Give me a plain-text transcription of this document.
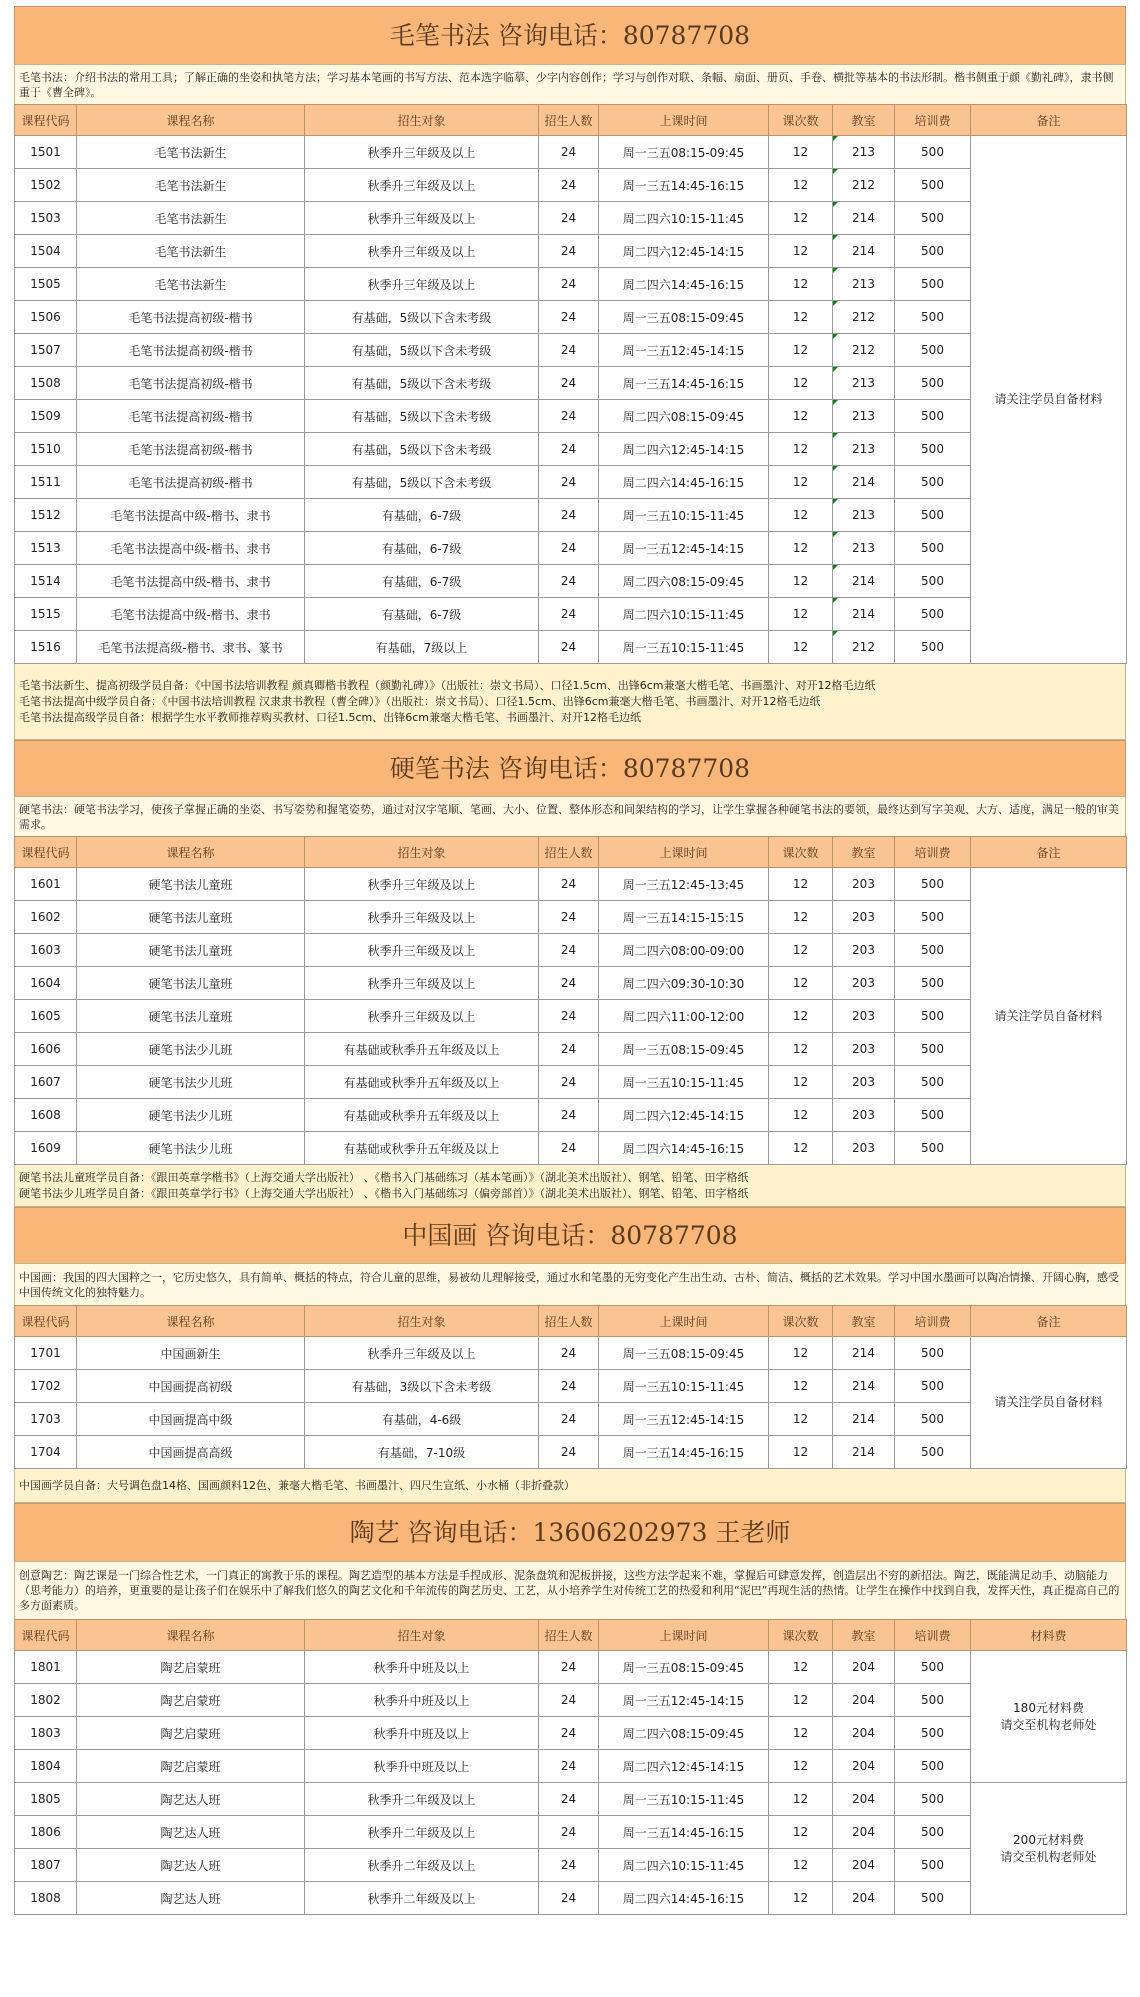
毛笔书法 咨询电话：80787708
毛笔书法：介绍书法的常用工具；了解正确的坐姿和执笔方法；学习基本笔画的书写方法、范本选字临摹、少字内容创作；学习与创作对联、条幅、扇面、册页、手卷、横批等基本的书法形制。楷书侧重于颜《勤礼碑》，隶书侧重于《曹全碑》。
课程代码	课程名称	招生对象	招生人数	上课时间	课次数	教室	培训费	备注
1501	毛笔书法新生	秋季升三年级及以上	24	周一三五08:15-09:45	12	213	500	请关注学员自备材料
1502	毛笔书法新生	秋季升三年级及以上	24	周一三五14:45-16:15	12	212	500	
1503	毛笔书法新生	秋季升三年级及以上	24	周二四六10:15-11:45	12	214	500	
1504	毛笔书法新生	秋季升三年级及以上	24	周二四六12:45-14:15	12	214	500	
1505	毛笔书法新生	秋季升三年级及以上	24	周二四六14:45-16:15	12	213	500	
1506	毛笔书法提高初级-楷书	有基础，5级以下含未考级	24	周一三五08:15-09:45	12	212	500	
1507	毛笔书法提高初级-楷书	有基础，5级以下含未考级	24	周一三五12:45-14:15	12	212	500	
1508	毛笔书法提高初级-楷书	有基础，5级以下含未考级	24	周一三五14:45-16:15	12	213	500	
1509	毛笔书法提高初级-楷书	有基础，5级以下含未考级	24	周二四六08:15-09:45	12	213	500	
1510	毛笔书法提高初级-楷书	有基础，5级以下含未考级	24	周二四六12:45-14:15	12	213	500	
1511	毛笔书法提高初级-楷书	有基础，5级以下含未考级	24	周二四六14:45-16:15	12	214	500	
1512	毛笔书法提高中级-楷书、隶书	有基础，6-7级	24	周一三五10:15-11:45	12	213	500	
1513	毛笔书法提高中级-楷书、隶书	有基础，6-7级	24	周一三五12:45-14:15	12	213	500	
1514	毛笔书法提高中级-楷书、隶书	有基础，6-7级	24	周二四六08:15-09:45	12	214	500	
1515	毛笔书法提高中级-楷书、隶书	有基础，6-7级	24	周二四六10:15-11:45	12	214	500	
1516	毛笔书法提高级-楷书、隶书、篆书	有基础，7级以上	24	周一三五10:15-11:45	12	212	500	
毛笔书法新生、提高初级学员自备：《中国书法培训教程 颜真卿楷书教程（颜勤礼碑）》（出版社：崇文书局）、口径1.5cm、出锋6cm兼毫大楷毛笔、书画墨汁、对开12格毛边纸
毛笔书法提高中级学员自备：《中国书法培训教程 汉隶隶书教程（曹全碑）》（出版社：崇文书局）、口径1.5cm、出锋6cm兼毫大楷毛笔、书画墨汁、对开12格毛边纸
毛笔书法提高级学员自备：根据学生水平教师推荐购买教材、口径1.5cm、出锋6cm兼毫大楷毛笔、书画墨汁、对开12格毛边纸
硬笔书法 咨询电话：80787708
硬笔书法：硬笔书法学习，使孩子掌握正确的坐姿、书写姿势和握笔姿势，通过对汉字笔顺、笔画、大小、位置、整体形态和间架结构的学习，让学生掌握各种硬笔书法的要领，最终达到写字美观、大方、适度，满足一般的审美需求。
课程代码	课程名称	招生对象	招生人数	上课时间	课次数	教室	培训费	备注
1601	硬笔书法儿童班	秋季升三年级及以上	24	周一三五12:45-13:45	12	203	500	请关注学员自备材料
1602	硬笔书法儿童班	秋季升三年级及以上	24	周一三五14:15-15:15	12	203	500	
1603	硬笔书法儿童班	秋季升三年级及以上	24	周二四六08:00-09:00	12	203	500	
1604	硬笔书法儿童班	秋季升三年级及以上	24	周二四六09:30-10:30	12	203	500	
1605	硬笔书法儿童班	秋季升三年级及以上	24	周二四六11:00-12:00	12	203	500	
1606	硬笔书法少儿班	有基础或秋季升五年级及以上	24	周一三五08:15-09:45	12	203	500	
1607	硬笔书法少儿班	有基础或秋季升五年级及以上	24	周一三五10:15-11:45	12	203	500	
1608	硬笔书法少儿班	有基础或秋季升五年级及以上	24	周二四六12:45-14:15	12	203	500	
1609	硬笔书法少儿班	有基础或秋季升五年级及以上	24	周二四六14:45-16:15	12	203	500	
硬笔书法儿童班学员自备：《跟田英章学楷书》（上海交通大学出版社） 、《楷书入门基础练习（基本笔画）》（湖北美术出版社）、钢笔、铅笔、田字格纸
硬笔书法少儿班学员自备：《跟田英章学行书》（上海交通大学出版社） 、《楷书入门基础练习（偏旁部首）》（湖北美术出版社）、钢笔、铅笔、田字格纸
中国画 咨询电话：80787708
中国画：我国的四大国粹之一，它历史悠久，具有简单、概括的特点，符合儿童的思维，易被幼儿理解接受，通过水和笔墨的无穷变化产生出生动、古朴、简洁、概括的艺术效果。学习中国水墨画可以陶冶情操、开阔心胸，感受中国传统文化的独特魅力。
课程代码	课程名称	招生对象	招生人数	上课时间	课次数	教室	培训费	备注
1701	中国画新生	秋季升三年级及以上	24	周一三五08:15-09:45	12	214	500	请关注学员自备材料
1702	中国画提高初级	有基础，3级以下含未考级	24	周一三五10:15-11:45	12	214	500	
1703	中国画提高中级	有基础，4-6级	24	周一三五12:45-14:15	12	214	500	
1704	中国画提高高级	有基础，7-10级	24	周一三五14:45-16:15	12	214	500	
中国画学员自备：大号调色盘14格、国画颜料12色、兼毫大楷毛笔、书画墨汁、四尺生宣纸、小水桶（非折叠款）
陶艺 咨询电话：13606202973 王老师
创意陶艺：陶艺课是一门综合性艺术，一门真正的寓教于乐的课程。陶艺造型的基本方法是手捏成形、泥条盘筑和泥板拼接，这些方法学起来不难，掌握后可肆意发挥，创造层出不穷的新招法。陶艺，既能满足动手、动脑能力（思考能力）的培养，更重要的是让孩子们在娱乐中了解我们悠久的陶艺文化和千年流传的陶艺历史、工艺，从小培养学生对传统工艺的热爱和利用“泥巴”再现生活的热情。让学生在操作中找到自我，发挥天性，真正提高自己的多方面素质。
课程代码	课程名称	招生对象	招生人数	上课时间	课次数	教室	培训费	材料费
1801	陶艺启蒙班	秋季升中班及以上	24	周一三五08:15-09:45	12	204	500	180元材料费
请交至机构老师处
1802	陶艺启蒙班	秋季升中班及以上	24	周一三五12:45-14:15	12	204	500	
1803	陶艺启蒙班	秋季升中班及以上	24	周二四六08:15-09:45	12	204	500	
1804	陶艺启蒙班	秋季升中班及以上	24	周二四六12:45-14:15	12	204	500	
1805	陶艺达人班	秋季升二年级及以上	24	周一三五10:15-11:45	12	204	500	200元材料费
请交至机构老师处
1806	陶艺达人班	秋季升二年级及以上	24	周一三五14:45-16:15	12	204	500	
1807	陶艺达人班	秋季升二年级及以上	24	周二四六10:15-11:45	12	204	500	
1808	陶艺达人班	秋季升二年级及以上	24	周二四六14:45-16:15	12	204	500	
